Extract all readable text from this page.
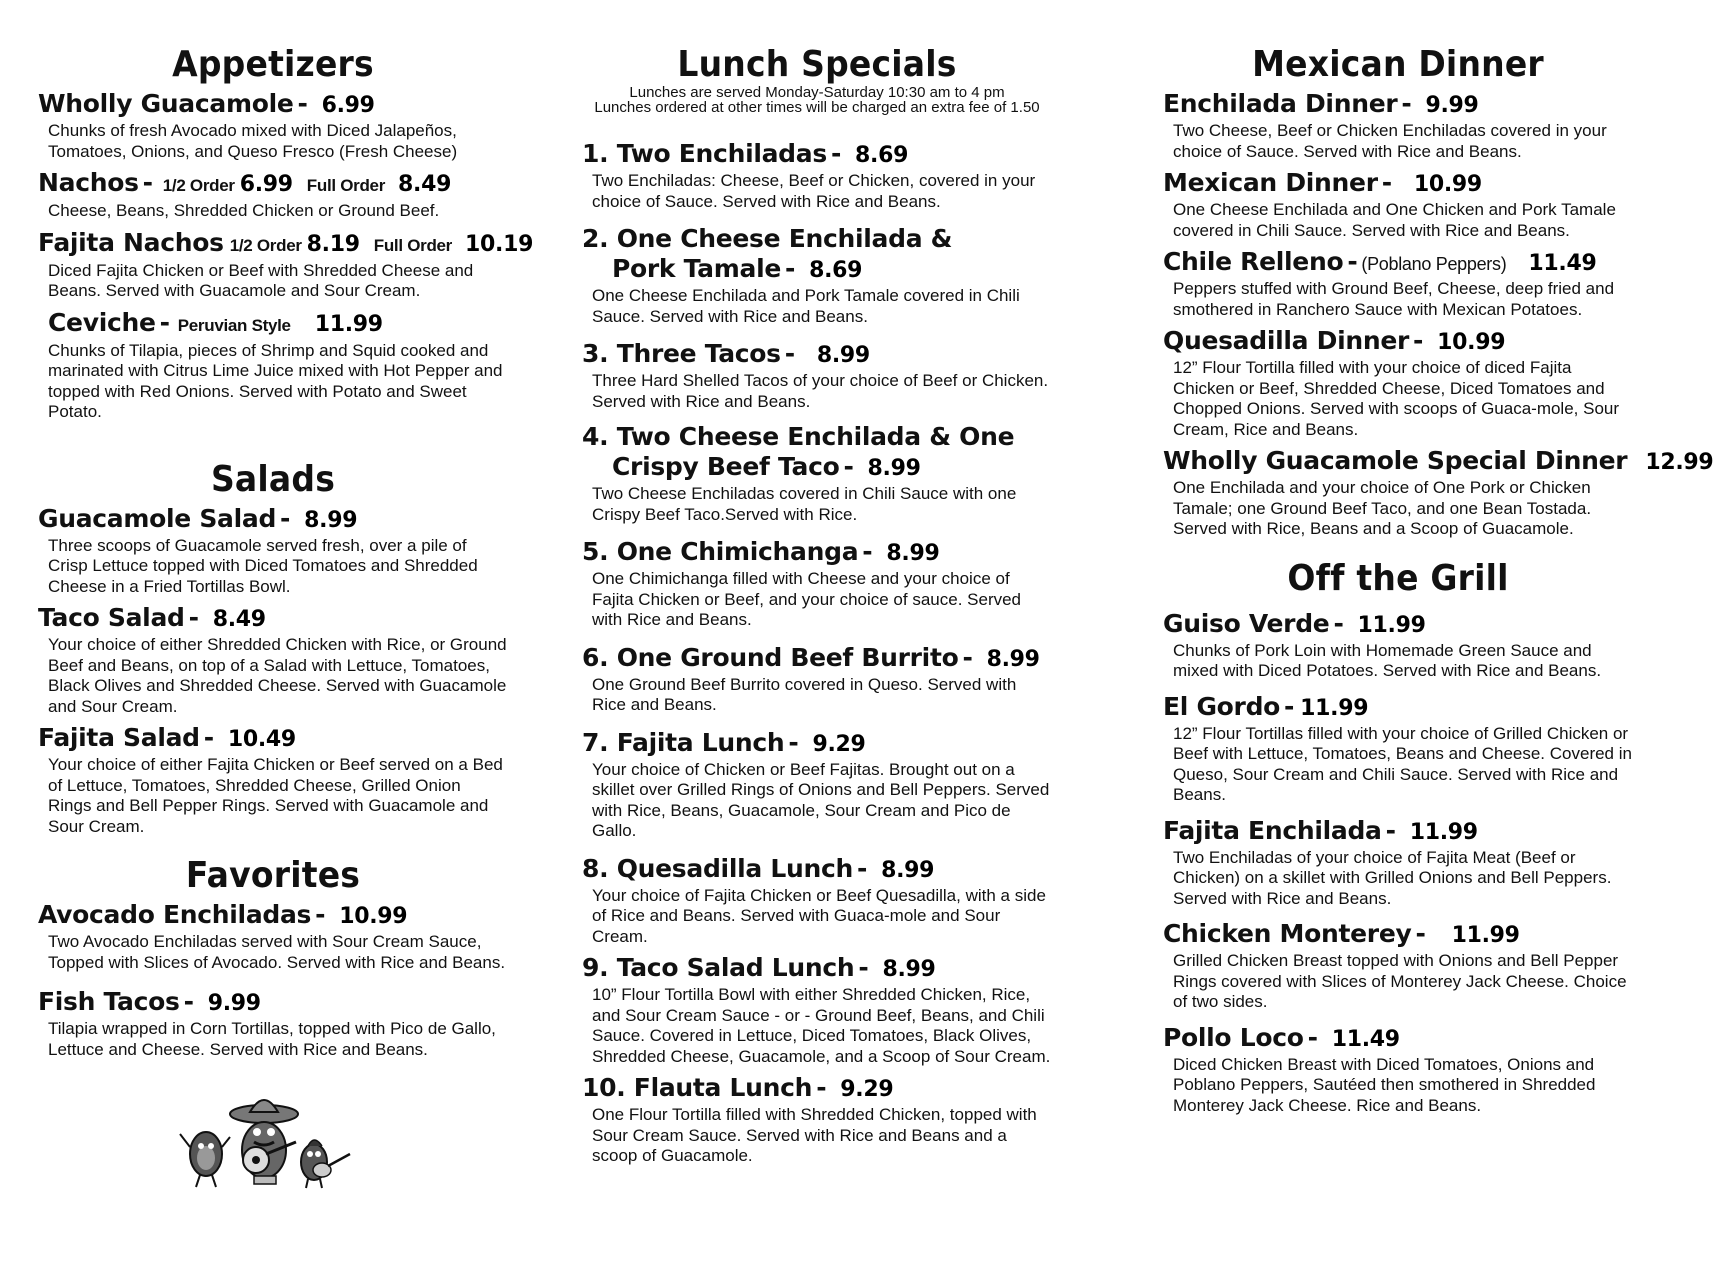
Appetizers
Wholly Guacamole - 6.99
Chunks of fresh Avocado mixed with Diced Jalapeños, Tomatoes, Onions, and Queso Fresco (Fresh Cheese)
Nachos - 1/2 Order 6.99 Full Order 8.49
Cheese, Beans, Shredded Chicken or Ground Beef.
Fajita Nachos 1/2 Order 8.19 Full Order 10.19
Diced Fajita Chicken or Beef with Shredded Cheese and Beans. Served with Guacamole and Sour Cream.
Ceviche - Peruvian Style 11.99
Chunks of Tilapia, pieces of Shrimp and Squid cooked and marinated with Citrus Lime Juice mixed with Hot Pepper and topped with Red Onions. Served with Potato and Sweet Potato.
Salads
Guacamole Salad - 8.99
Three scoops of Guacamole served fresh, over a pile of Crisp Lettuce topped with Diced Tomatoes and Shredded Cheese in a Fried Tortillas Bowl.
Taco Salad - 8.49
Your choice of either Shredded Chicken with Rice, or Ground Beef and Beans, on top of a Salad with Lettuce, Tomatoes, Black Olives and Shredded Cheese. Served with Guacamole and Sour Cream.
Fajita Salad - 10.49
Your choice of either Fajita Chicken or Beef served on a Bed of Lettuce, Tomatoes, Shredded Cheese, Grilled Onion Rings and Bell Pepper Rings. Served with Guacamole and Sour Cream.
Favorites
Avocado Enchiladas - 10.99
Two Avocado Enchiladas served with Sour Cream Sauce, Topped with Slices of Avocado. Served with Rice and Beans.
Fish Tacos - 9.99
Tilapia wrapped in Corn Tortillas, topped with Pico de Gallo, Lettuce and Cheese. Served with Rice and Beans.
Lunch Specials
Lunches are served Monday-Saturday 10:30 am to 4 pm
Lunches ordered at other times will be charged an extra fee of 1.50
1. Two Enchiladas - 8.69
Two Enchiladas: Cheese, Beef or Chicken, covered in your choice of Sauce. Served with Rice and Beans.
2. One Cheese Enchilada &
Pork Tamale - 8.69
One Cheese Enchilada and Pork Tamale covered in Chili Sauce. Served with Rice and Beans.
3. Three Tacos - 8.99
Three Hard Shelled Tacos of your choice of Beef or Chicken. Served with Rice and Beans.
4. Two Cheese Enchilada & One
Crispy Beef Taco - 8.99
Two Cheese Enchiladas covered in Chili Sauce with one Crispy Beef Taco.Served with Rice.
5. One Chimichanga - 8.99
One Chimichanga filled with Cheese and your choice of Fajita Chicken or Beef, and your choice of sauce. Served with Rice and Beans.
6. One Ground Beef Burrito - 8.99
One Ground Beef Burrito covered in Queso. Served with Rice and Beans.
7. Fajita Lunch - 9.29
Your choice of Chicken or Beef Fajitas. Brought out on a skillet over Grilled Rings of Onions and Bell Peppers. Served with Rice, Beans, Guacamole, Sour Cream and Pico de Gallo.
8. Quesadilla Lunch - 8.99
Your choice of Fajita Chicken or Beef Quesadilla, with a side of Rice and Beans. Served with Guaca-mole and Sour Cream.
9. Taco Salad Lunch - 8.99
10” Flour Tortilla Bowl with either Shredded Chicken, Rice, and Sour Cream Sauce - or - Ground Beef, Beans, and Chili Sauce. Covered in Lettuce, Diced Tomatoes, Black Olives, Shredded Cheese, Guacamole, and a Scoop of Sour Cream.
10. Flauta Lunch - 9.29
One Flour Tortilla filled with Shredded Chicken, topped with Sour Cream Sauce. Served with Rice and Beans and a scoop of Guacamole.
Mexican Dinner
Enchilada Dinner - 9.99
Two Cheese, Beef or Chicken Enchiladas covered in your choice of Sauce. Served with Rice and Beans.
Mexican Dinner - 10.99
One Cheese Enchilada and One Chicken and Pork Tamale covered in Chili Sauce. Served with Rice and Beans.
Chile Relleno - (Poblano Peppers) 11.49
Peppers stuffed with Ground Beef, Cheese, deep fried and smothered in Ranchero Sauce with Mexican Potatoes.
Quesadilla Dinner - 10.99
12” Flour Tortilla filled with your choice of diced Fajita Chicken or Beef, Shredded Cheese, Diced Tomatoes and Chopped Onions. Served with scoops of Guaca-mole, Sour Cream, Rice and Beans.
Wholly Guacamole Special Dinner 12.99
One Enchilada and your choice of One Pork or Chicken Tamale; one Ground Beef Taco, and one Bean Tostada. Served with Rice, Beans and a Scoop of Guacamole.
Off the Grill
Guiso Verde - 11.99
Chunks of Pork Loin with Homemade Green Sauce and mixed with Diced Potatoes. Served with Rice and Beans.
El Gordo - 11.99
12” Flour Tortillas filled with your choice of Grilled Chicken or Beef with Lettuce, Tomatoes, Beans and Cheese. Covered in Queso, Sour Cream and Chili Sauce. Served with Rice and Beans.
Fajita Enchilada - 11.99
Two Enchiladas of your choice of Fajita Meat (Beef or Chicken) on a skillet with Grilled Onions and Bell Peppers. Served with Rice and Beans.
Chicken Monterey - 11.99
Grilled Chicken Breast topped with Onions and Bell Pepper Rings covered with Slices of Monterey Jack Cheese. Choice of two sides.
Pollo Loco - 11.49
Diced Chicken Breast with Diced Tomatoes, Onions and Poblano Peppers, Sautéed then smothered in Shredded Monterey Jack Cheese. Rice and Beans.
